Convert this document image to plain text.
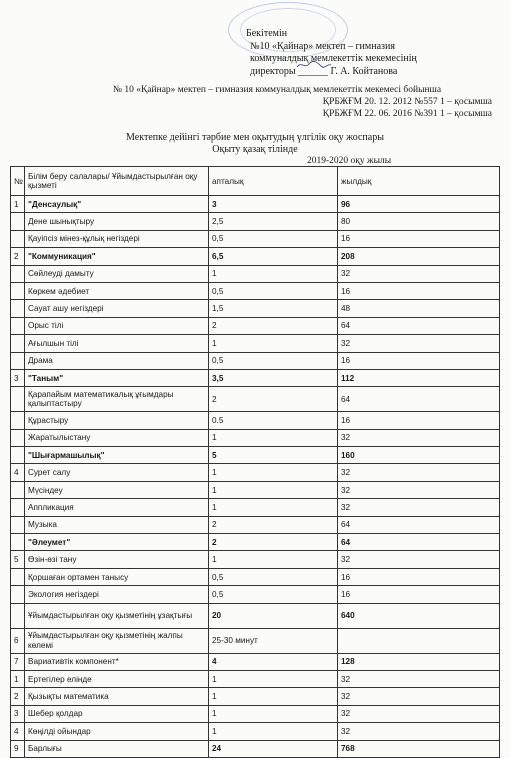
Бекітемін
№10 «Қайнар» мектеп – гимназия
коммуналдық мемлекеттік мекемесінің
директоры ______ Г. А. Койтанова
№ 10 «Қайнар» мектеп – гимназия коммуналдық мемлекеттік мекемесі бойынша
ҚРБЖҒМ 20. 12. 2012 №557 1 – қосымша
ҚРБЖҒМ 22. 06. 2016 №391 1 – қосымша
Мектепке дейінгі тәрбие мен оқытудың үлгілік оқу жоспары
Оқыту қазақ тілінде
2019-2020 оқу жылы
№	Білім беру салалары/ Ұйымдастырылған оқу қызметі	апталық	жылдық
1	"Денсаулық"	3	96
	Дене шынықтыру	2,5	80
	Қауіпсіз мінез-құлық негіздері	0,5	16
2	"Коммуникация"	6,5	208
	Сөйлеуді дамыту	1	32
	Көркем әдебиет	0,5	16
	Сауат ашу негіздері	1,5	48
	Орыс тілі	2	64
	Ағылшын тілі	1	32
	Драма	0,5	16
3	"Таным"	3,5	112
	Қарапайым математикалық ұғымдары қалыптастыру	2	64
	Құрастыру	0.5	16
	Жаратылыстану	1	32
	"Шығармашылық"	5	160
4	Сурет салу	1	32
	Мүсіндеу	1	32
	Аппликация	1	32
	Музыка	2	64
	"Әлеумет"	2	64
5	Өзін-өзі тану	1	32
	Қоршаған ортамен танысу	0,5	16
	Экология негіздері	0,5	16
	Ұйымдастырылған оқу қызметінің ұзақтығы	20	640
6	Ұйымдастырылған оқу қызметінің жалпы көлемі	25-30 минут	
7	Вариативтік компонент*	4	128
1	Ертегілер елінде	1	32
2	Қызықты математика	1	32
3	Шебер қолдар	1	32
4	Көңілді ойындар	1	32
9	Барлығы	24	768
